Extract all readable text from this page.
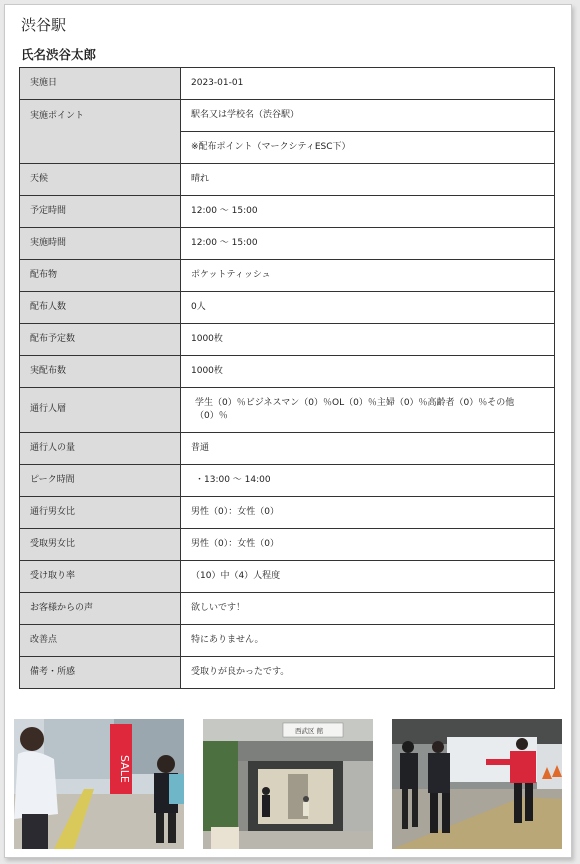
渋谷駅
氏名渋谷太郎
実施日	2023-01-01
実施ポイント	駅名又は学校名（渋谷駅）
	※配布ポイント（マークシティESC下）
天候	晴れ
予定時間	12:00 〜 15:00
実施時間	12:00 〜 15:00
配布物	ポケットティッシュ
配布人数	0人
配布予定数	1000枚
実配布数	1000枚
通行人層	学生（0）％ビジネスマン（0）％OL（0）％主婦（0）％高齢者（0）％その他（0）％
通行人の量	普通
ピーク時間	・13:00 〜 14:00
通行男女比	男性（0）：女性（0）
受取男女比	男性（0）：女性（0）
受け取り率	（10）中（4）人程度
お客様からの声	欲しいです！
改善点	特にありません。
備考・所感	受取りが良かったです。
SALE
西武区 館
